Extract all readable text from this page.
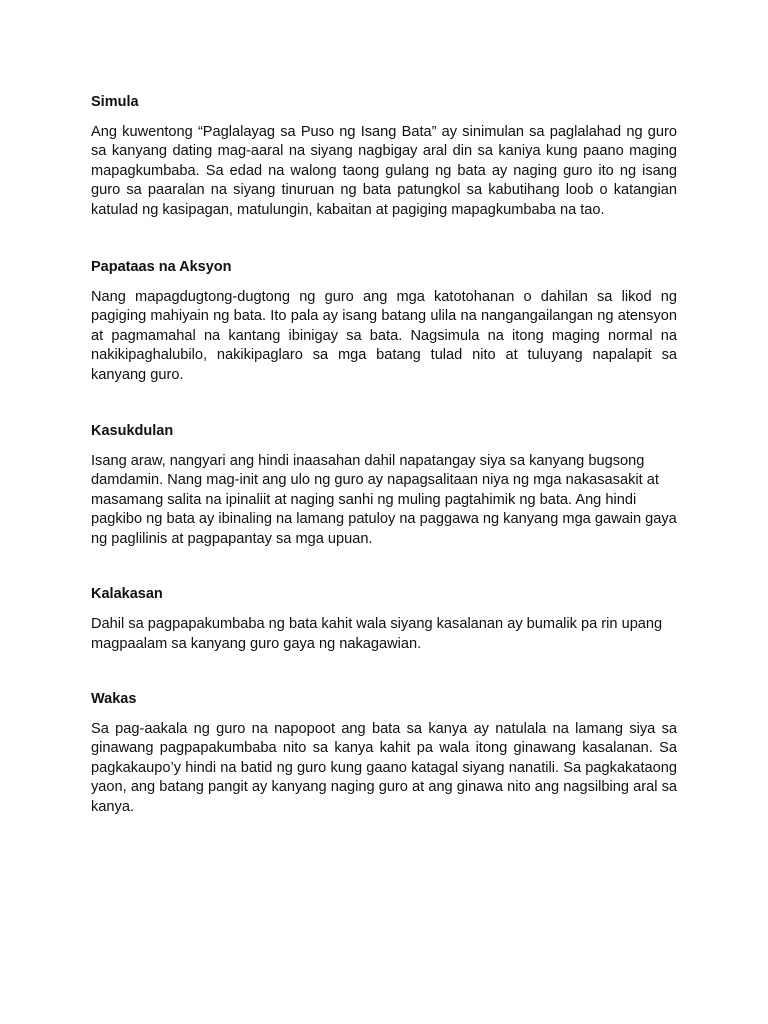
Simula

Ang kuwentong “Paglalayag sa Puso ng Isang Bata” ay sinimulan sa paglalahad ng guro sa kanyang dating mag-aaral na siyang nagbigay aral din sa kaniya kung paano maging mapagkumbaba. Sa edad na walong taong gulang ng bata ay naging guro ito ng isang guro sa paaralan na siyang tinuruan ng bata patungkol sa kabutihang loob o katangian katulad ng kasipagan, matulungin, kabaitan at pagiging mapagkumbaba na tao.

Papataas na Aksyon

Nang mapagdugtong-dugtong ng guro ang mga katotohanan o dahilan sa likod ng pagiging mahiyain ng bata. Ito pala ay isang batang ulila na nangangailangan ng atensyon at pagmamahal na kantang ibinigay sa bata. Nagsimula na itong maging normal na nakikipaghalubilo, nakikipaglaro sa mga batang tulad nito at tuluyang napalapit sa kanyang guro.

Kasukdulan

Isang araw, nangyari ang hindi inaasahan dahil napatangay siya sa kanyang bugsong damdamin. Nang mag-init ang ulo ng guro ay napagsalitaan niya ng mga nakasasakit at masamang salita na ipinaliit at naging sanhi ng muling pagtahimik ng bata. Ang hindi pagkibo ng bata ay ibinaling na lamang patuloy na paggawa ng kanyang mga gawain gaya ng paglilinis at pagpapantay sa mga upuan.

Kalakasan

Dahil sa pagpapakumbaba ng bata kahit wala siyang kasalanan ay bumalik pa rin upang magpaalam sa kanyang guro gaya ng nakagawian.

Wakas

Sa pag-aakala ng guro na napopoot ang bata sa kanya ay natulala na lamang siya sa ginawang pagpapakumbaba nito sa kanya kahit pa wala itong ginawang kasalanan. Sa pagkakaupo’y hindi na batid ng guro kung gaano katagal siyang nanatili. Sa pagkakataong yaon, ang batang pangit ay kanyang naging guro at ang ginawa nito ang nagsilbing aral sa kanya.
